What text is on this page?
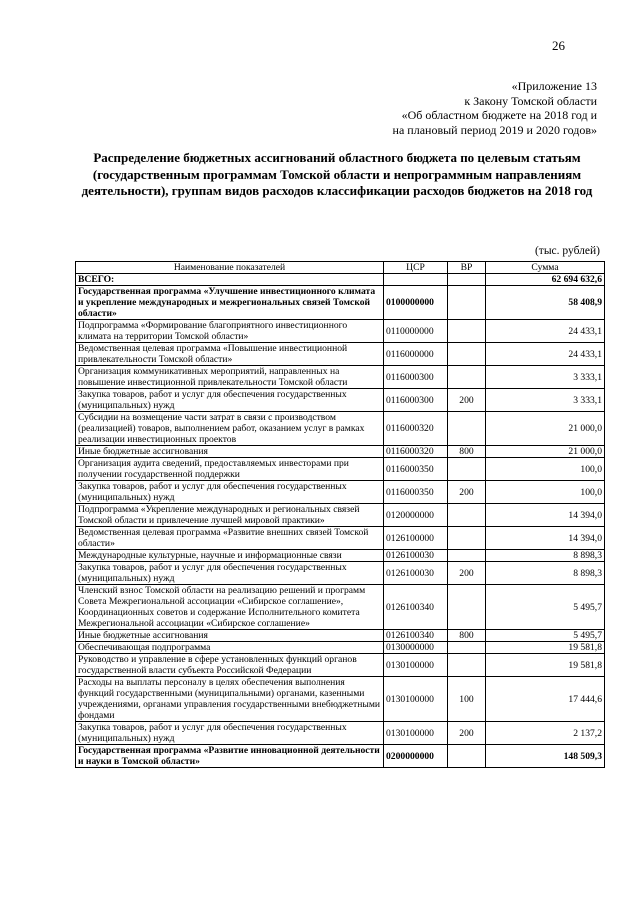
26
«Приложение 13
к Закону Томской области
«Об областном бюджете на 2018 год и
на плановый период 2019 и 2020 годов»
Распределение бюджетных ассигнований областного бюджета по целевым статьям (государственным программам Томской области и непрограммным направлениям деятельности), группам видов расходов классификации расходов бюджетов на 2018 год
(тыс. рублей)
Наименование показателей	ЦСР	ВР	Сумма
ВСЕГО:			62 694 632,6
Государственная программа «Улучшение инвестиционного климата и укрепление международных и межрегиональных связей Томской области»	0100000000		58 408,9
Подпрограмма «Формирование благоприятного инвестиционного климата на территории Томской области»	0110000000		24 433,1
Ведомственная целевая программа «Повышение инвестиционной привлекательности Томской области»	0116000000		24 433,1
Организация коммуникативных мероприятий, направленных на повышение инвестиционной привлекательности Томской области	0116000300		3 333,1
Закупка товаров, работ и услуг для обеспечения государственных (муниципальных) нужд	0116000300	200	3 333,1
Субсидии на возмещение части затрат в связи с производством (реализацией) товаров, выполнением работ, оказанием услуг в рамках реализации инвестиционных проектов	0116000320		21 000,0
Иные бюджетные ассигнования	0116000320	800	21 000,0
Организация аудита сведений, предоставляемых инвесторами при получении государственной поддержки	0116000350		100,0
Закупка товаров, работ и услуг для обеспечения государственных (муниципальных) нужд	0116000350	200	100,0
Подпрограмма «Укрепление международных и региональных связей Томской области и привлечение лучшей мировой практики»	0120000000		14 394,0
Ведомственная целевая программа «Развитие внешних связей Томской области»	0126100000		14 394,0
Международные культурные, научные и информационные связи	0126100030		8 898,3
Закупка товаров, работ и услуг для обеспечения государственных (муниципальных) нужд	0126100030	200	8 898,3
Членский взнос Томской области на реализацию решений и программ Совета Межрегиональной ассоциации «Сибирское соглашение», Координационных советов и содержание Исполнительного комитета Межрегиональной ассоциации «Сибирское соглашение»	0126100340		5 495,7
Иные бюджетные ассигнования	0126100340	800	5 495,7
Обеспечивающая подпрограмма	0130000000		19 581,8
Руководство и управление в сфере установленных функций органов государственной власти субъекта Российской Федерации	0130100000		19 581,8
Расходы на выплаты персоналу в целях обеспечения выполнения функций государственными (муниципальными) органами, казенными учреждениями, органами управления государственными внебюджетными фондами	0130100000	100	17 444,6
Закупка товаров, работ и услуг для обеспечения государственных (муниципальных) нужд	0130100000	200	2 137,2
Государственная программа «Развитие инновационной деятельности и науки в Томской области»	0200000000		148 509,3
